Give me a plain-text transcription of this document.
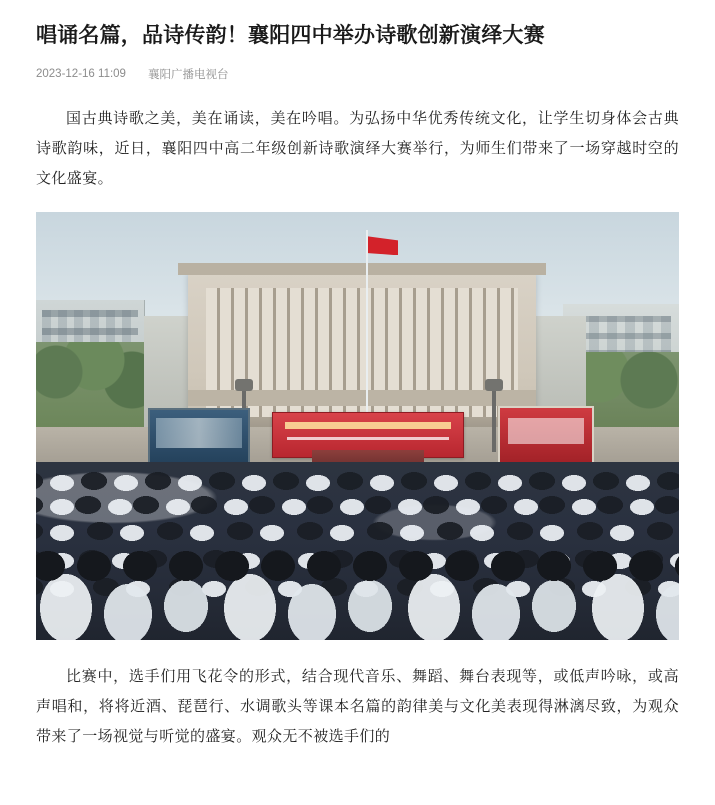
唱诵名篇，品诗传韵！襄阳四中举办诗歌创新演绎大赛
2023-12-16 11:09 襄阳广播电视台

国古典诗歌之美，美在诵读，美在吟唱。为弘扬中华优秀传统文化，让学生切身体会古典诗歌韵味，近日，襄阳四中高二年级创新诗歌演绎大赛举行，为师生们带来了一场穿越时空的文化盛宴。

比赛中，选手们用飞花令的形式，结合现代音乐、舞蹈、舞台表现等，或低声吟咏，或高声唱和，将将近酒、琵琶行、水调歌头等课本名篇的韵律美与文化美表现得淋漓尽致，为观众带来了一场视觉与听觉的盛宴。观众无不被选手们的
